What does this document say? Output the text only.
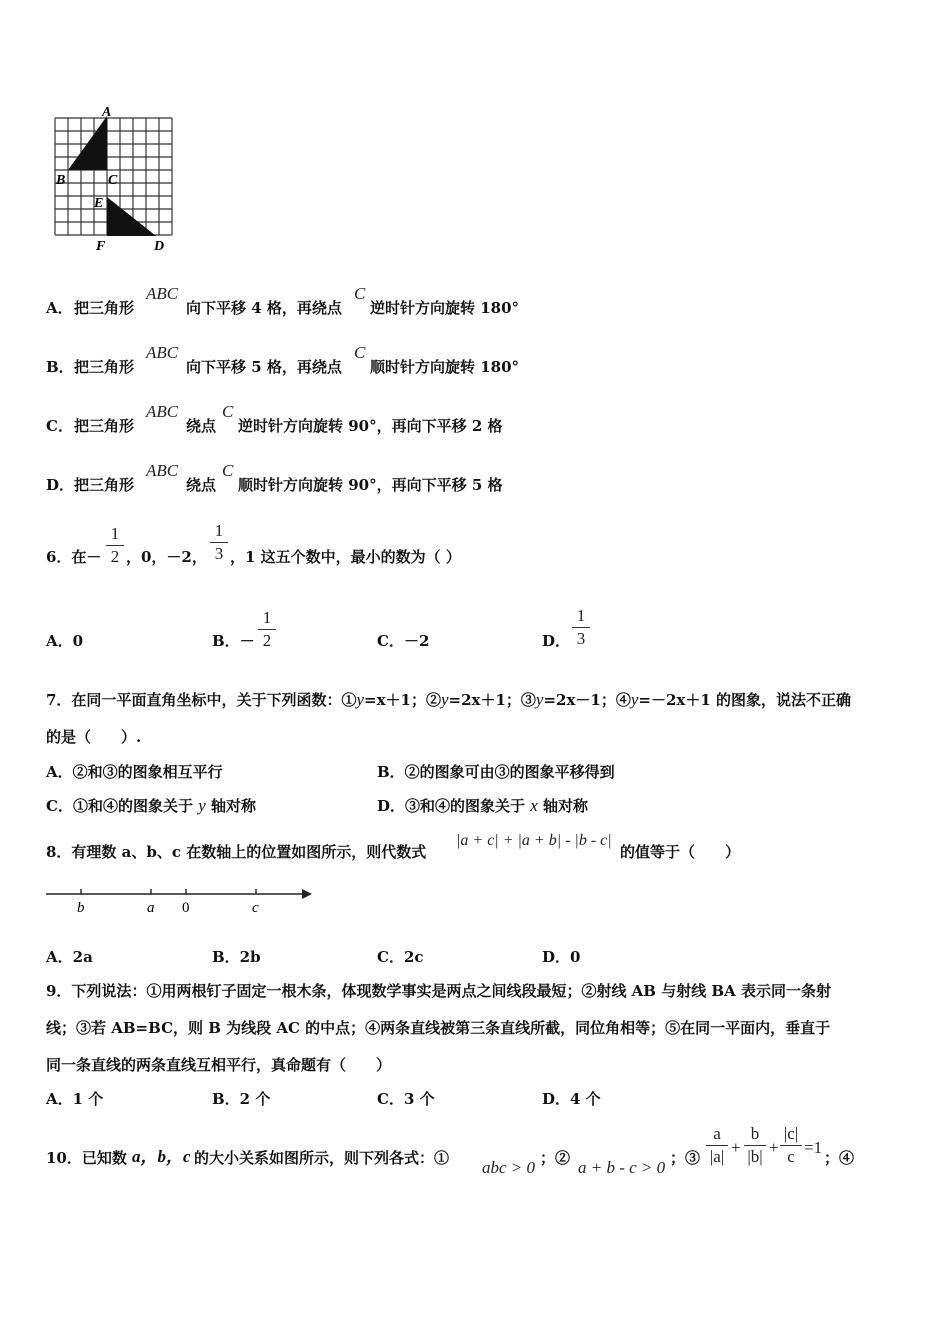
A
B	C
E
F	D
A． 把三角形
ABC
向下平移 4 格，再绕点
C
逆时针方向旋转 180°
B． 把三角形
ABC
向下平移 5 格，再绕点
C
顺时针方向旋转 180°
C． 把三角形
ABC
绕点
C
逆时针方向旋转 90°，再向下平移 2 格
D． 把三角形
ABC
绕点
C
顺时针方向旋转 90°，再向下平移 5 格
6．在－
1
2 ，0，－2，
1
3 ，1 这五个数中，最小的数为（ ）
A．0	B．－
1
2	C．－2	D．
1
3
7．在同一平面直角坐标中，关于下列函数：①y=x＋1；②y=2x＋1；③y=2x－1；④y=－2x＋1 的图象，说法不正确
的是（　　）.
A．②和③的图象相互平行	B．②的图象可由③的图象平移得到
C．①和④的图象关于 y 轴对称	D．③和④的图象关于 x 轴对称
8．有理数 a、b、c 在数轴上的位置如图所示，则代数式
|a + c| + |a + b| - |b - c|
的值等于（　　）
b	a 0	c
A．2a	B．2b	C．2c	D．0
9．下列说法：①用两根钉子固定一根木条，体现数学事实是两点之间线段最短；②射线 AB 与射线 BA 表示同一条射
线；③若 AB=BC，则 B 为线段 AC 的中点；④两条直线被第三条直线所截，同位角相等；⑤在同一平面内，垂直于
同一条直线的两条直线互相平行，真命题有（　　）
A．1 个	B．2 个	C．3 个	D．4 个
10．已知数 a，b，c 的大小关系如图所示，则下列各式：① abc > 0 ；② a + b - c > 0 ；③
a
|a| +
b
|b| +
|c|
c =1
；④
